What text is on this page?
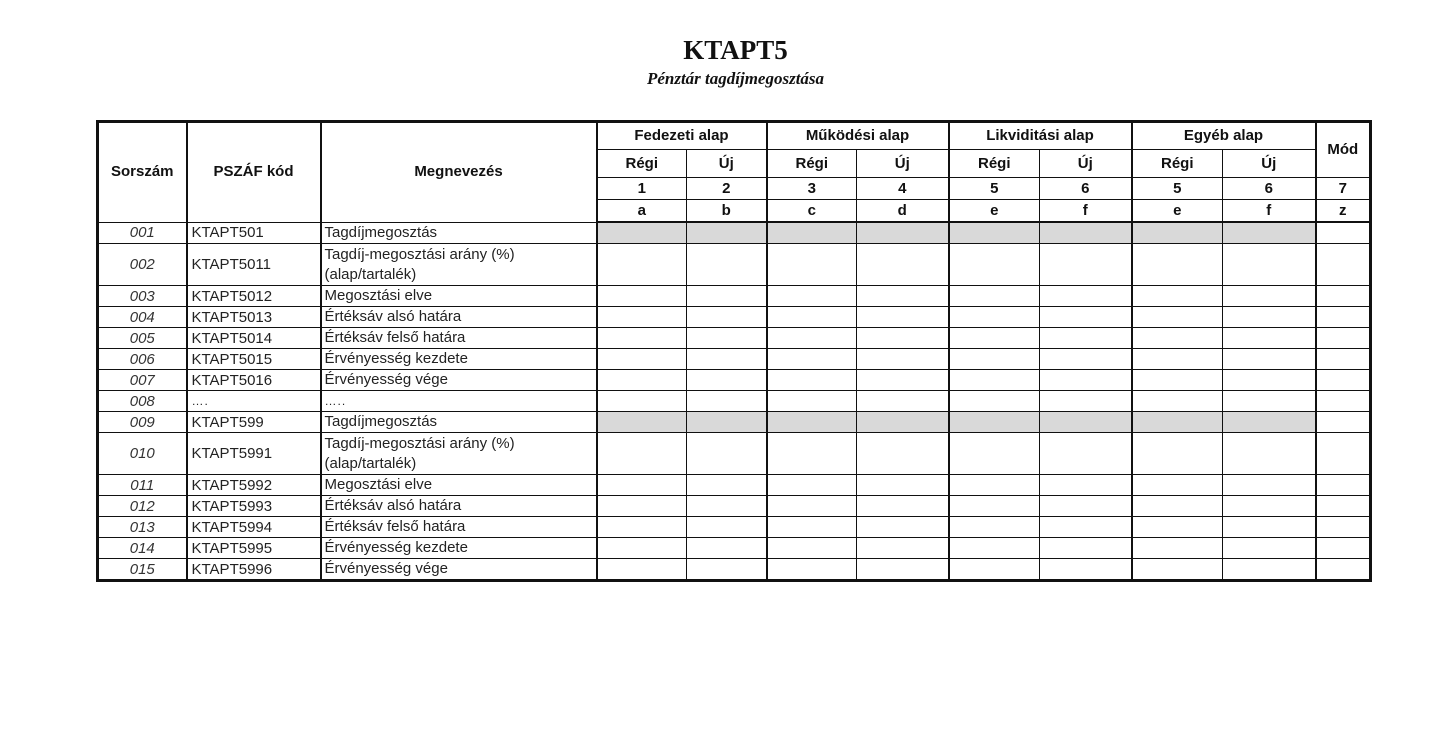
KTAPT5
Pénztár tagdíjmegosztása
Sorszám	PSZÁF kód	Megnevezés	Fedezeti alap		Működési alap		Likviditási alap		Egyéb alap		Mód
			Régi	Új	Régi	Új	Régi	Új	Régi	Új	
			1	2	3	4	5	6	5	6	7
			a	b	c	d	e	f	e	f	z
001	KTAPT501	Tagdíjmegosztás									
002	KTAPT5011	Tagdíj-megosztási arány (%)
(alap/tartalék)									

003	KTAPT5012	Megosztási elve									
004	KTAPT5013	Értéksáv alsó határa									
005	KTAPT5014	Értéksáv felső határa									
006	KTAPT5015	Érvényesség kezdete									
007	KTAPT5016	Érvényesség vége									
008	….	…..									
009	KTAPT599	Tagdíjmegosztás									
010	KTAPT5991	Tagdíj-megosztási arány (%)
(alap/tartalék)									

011	KTAPT5992	Megosztási elve									
012	KTAPT5993	Értéksáv alsó határa									
013	KTAPT5994	Értéksáv felső határa									
014	KTAPT5995	Érvényesség kezdete									
015	KTAPT5996	Érvényesség vége									
